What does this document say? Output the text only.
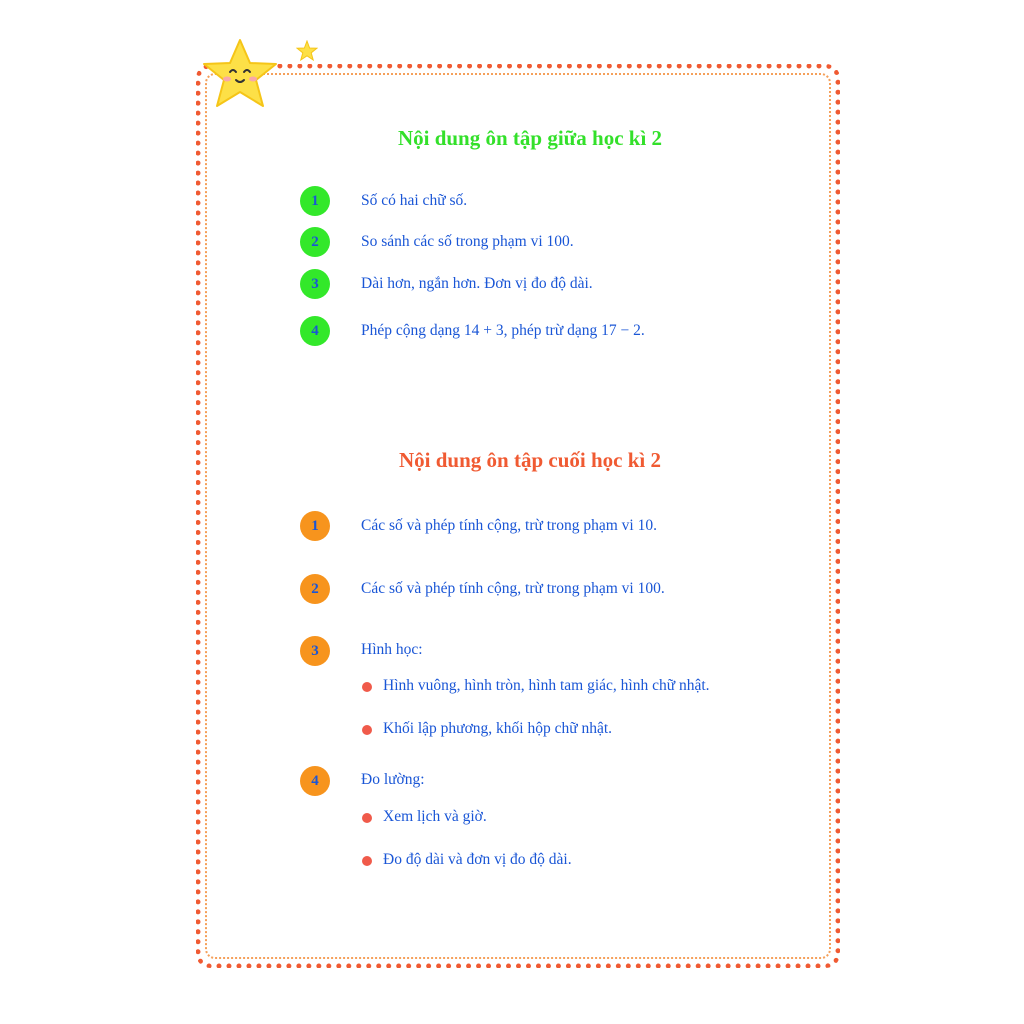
Nội dung ôn tập giữa học kì 2
1	Số có hai chữ số.
2	So sánh các số trong phạm vi 100.
3	Dài hơn, ngắn hơn. Đơn vị đo độ dài.
4	Phép cộng dạng 14 + 3, phép trừ dạng 17 − 2.
Nội dung ôn tập cuối học kì 2
1	Các số và phép tính cộng, trừ trong phạm vi 10.
2	Các số và phép tính cộng, trừ trong phạm vi 100.
3	Hình học:
Hình vuông, hình tròn, hình tam giác, hình chữ nhật.
Khối lập phương, khối hộp chữ nhật.
4	Đo lường:
Xem lịch và giờ.
Đo độ dài và đơn vị đo độ dài.
